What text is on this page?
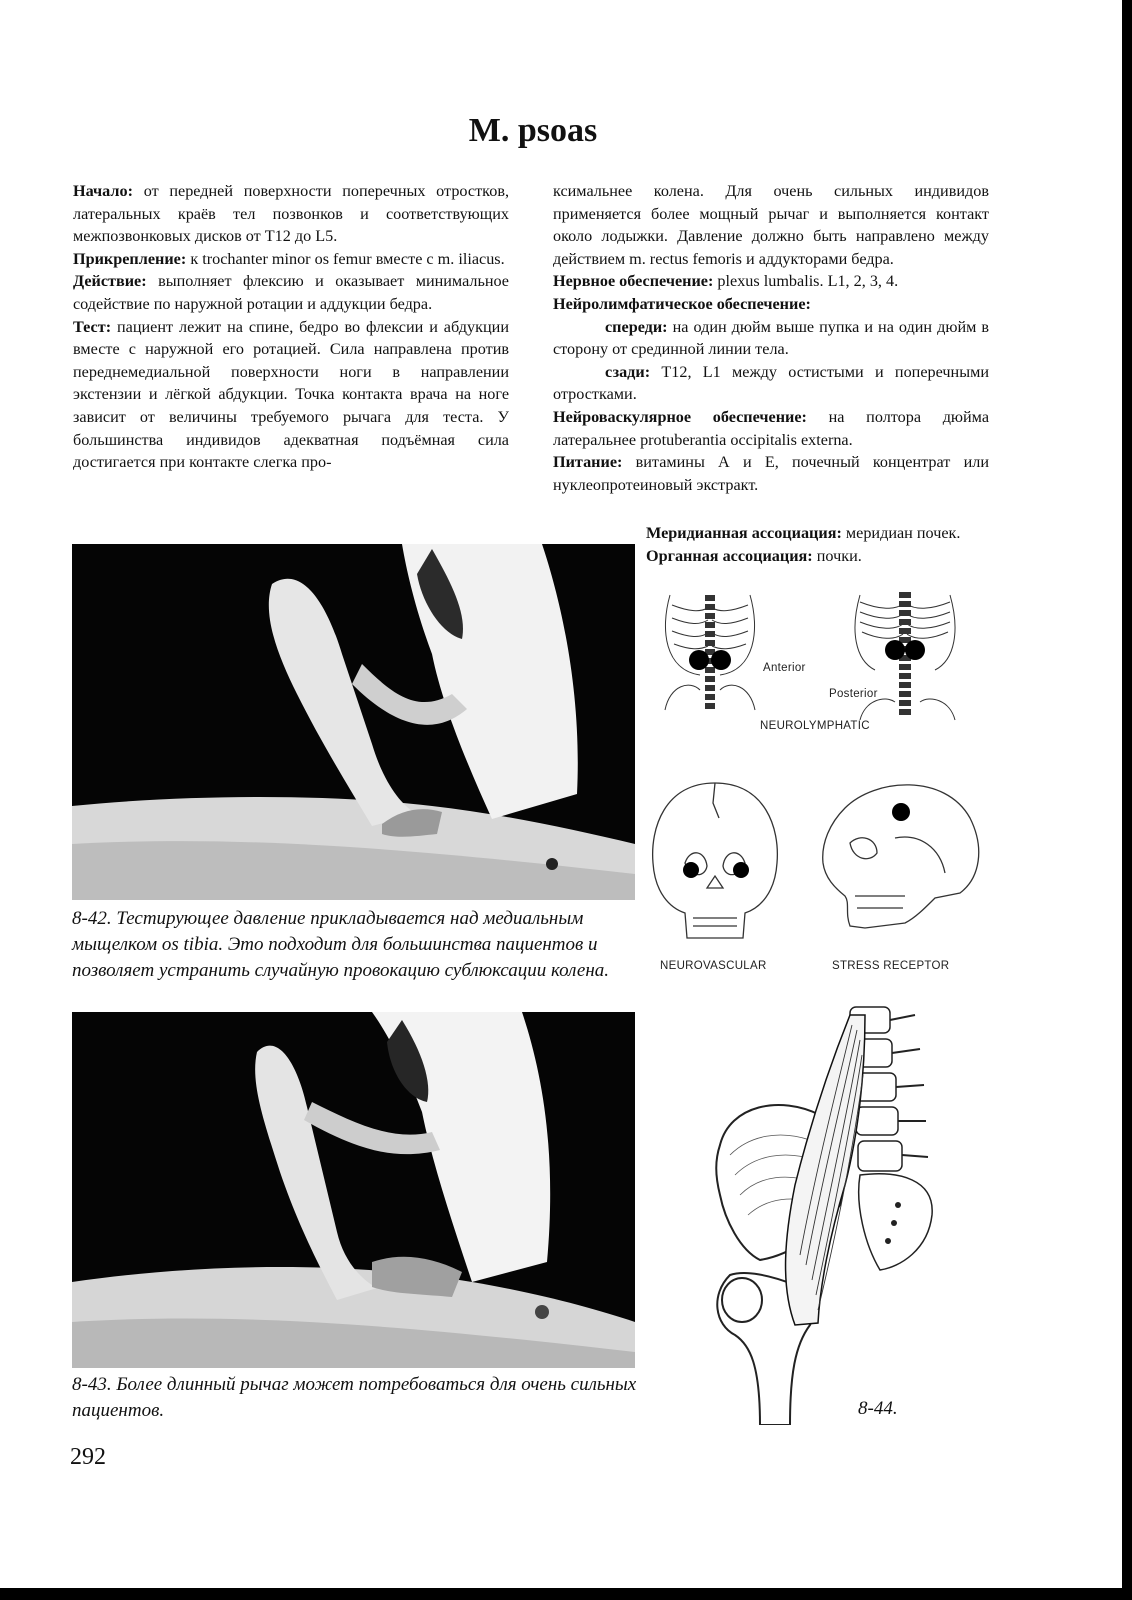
M. psoas

Начало: от передней поверхности поперечных отростков, латеральных краёв тел позвонков и соответствующих межпозвонковых дисков от T12 до L5.

Прикрепление: к trochanter minor os femur вместе с m. iliacus.

Действие: выполняет флексию и оказывает минимальное содействие по наружной ротации и аддукции бедра.

Тест: пациент лежит на спине, бедро во флексии и абдукции вместе с наружной его ротацией. Сила направлена против переднемедиальной поверхности ноги в направлении экстензии и лёгкой абдукции. Точка контакта врача на ноге зависит от величины требуемого рычага для теста. У большинства индивидов адекватная подъёмная сила достигается при контакте слегка про-

ксимальнее колена. Для очень сильных индивидов применяется более мощный рычаг и выполняется контакт около лодыжки. Давление должно быть направлено между действием m. rectus femoris и аддукторами бедра.

Нервное обеспечение: plexus lumbalis. L1, 2, 3, 4.

Нейролимфатическое обеспечение:

спереди: на один дюйм выше пупка и на один дюйм в сторону от срединной линии тела.

сзади: T12, L1 между остистыми и поперечными отростками.

Нейроваскулярное обеспечение: на полтора дюйма латеральнее protuberantia occipitalis externa.

Питание: витамины А и Е, почечный концентрат или нуклеопротеиновый экстракт.

Меридианная ассоциация: меридиан почек.

Органная ассоциация: почки.

8-42. Тестирующее давление прикладывается над медиальным мыщелком os tibia. Это подходит для большинства пациентов и позволяет устранить случайную провокацию сублюксации колена.
8-43. Более длинный рычаг может потребоваться для очень сильных пациентов.
Anterior
Posterior
NEUROLYMPHATIC
NEUROVASCULAR	STRESS RECEPTOR
8-44.
292
